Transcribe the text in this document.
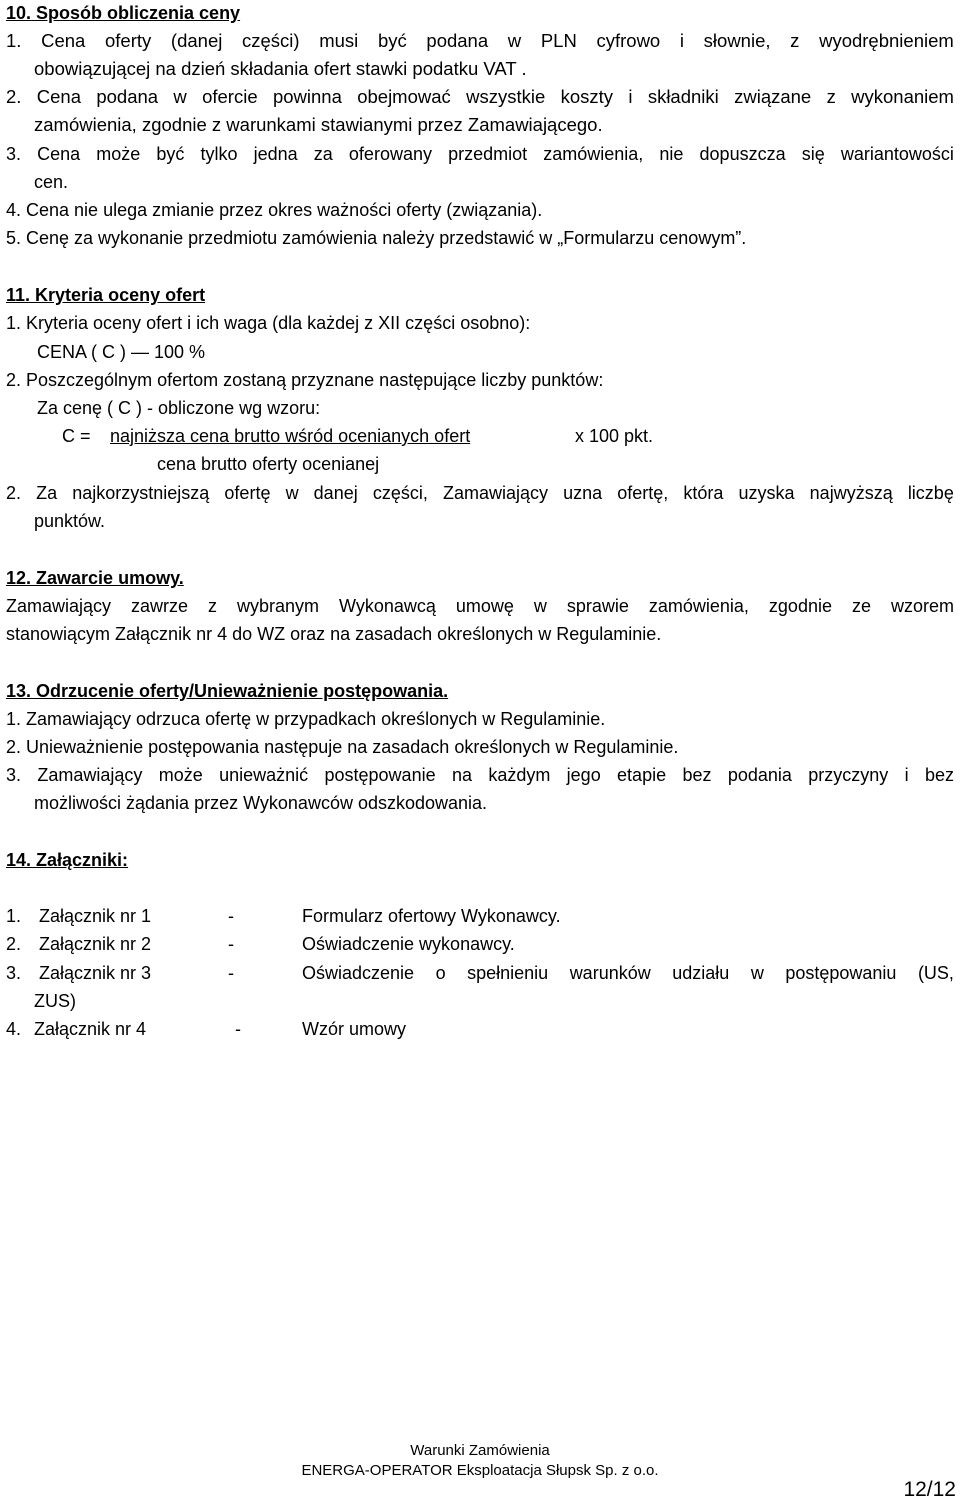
10. Sposób obliczenia ceny
1. Cena oferty (danej części) musi być podana w PLN cyfrowo i słownie, z wyodrębnieniem
obowiązującej na dzień składania ofert stawki podatku VAT .
2. Cena podana w ofercie powinna obejmować wszystkie koszty i składniki związane z wykonaniem
zamówienia, zgodnie z warunkami stawianymi przez Zamawiającego.
3. Cena może być tylko jedna za oferowany przedmiot zamówienia, nie dopuszcza się wariantowości
cen.
4. Cena nie ulega zmianie przez okres ważności oferty (związania).
5. Cenę za wykonanie przedmiotu zamówienia należy przedstawić w „Formularzu cenowym”.
11. Kryteria oceny ofert
1. Kryteria oceny ofert i ich waga (dla każdej z XII części osobno):
CENA ( C ) ― 100 %
2. Poszczególnym ofertom zostaną przyznane następujące liczby punktów:
Za cenę ( C ) - obliczone wg wzoru:
C = najniższa cena brutto wśród ocenianych ofert	x 100 pkt.
cena brutto oferty ocenianej
2. Za najkorzystniejszą ofertę w danej części, Zamawiający uzna ofertę, która uzyska najwyższą liczbę
punktów.
12. Zawarcie umowy.
Zamawiający zawrze z wybranym Wykonawcą umowę w sprawie zamówienia, zgodnie ze wzorem
stanowiącym Załącznik nr 4 do WZ oraz na zasadach określonych w Regulaminie.
13. Odrzucenie oferty/Unieważnienie postępowania.
1. Zamawiający odrzuca ofertę w przypadkach określonych w Regulaminie.
2. Unieważnienie postępowania następuje na zasadach określonych w Regulaminie.
3. Zamawiający może unieważnić postępowanie na każdym jego etapie bez podania przyczyny i bez
możliwości żądania przez Wykonawców odszkodowania.
14. Załączniki:
1. Załącznik nr 1	-	Formularz ofertowy Wykonawcy.
2. Załącznik nr 2	-	Oświadczenie wykonawcy.
3. Załącznik nr 3	-	Oświadczenie o spełnieniu warunków udziału w postępowaniu (US,
ZUS)
4. Załącznik nr 4	-	Wzór umowy
Warunki Zamówienia
ENERGA-OPERATOR Eksploatacja Słupsk Sp. z o.o.
12/12
